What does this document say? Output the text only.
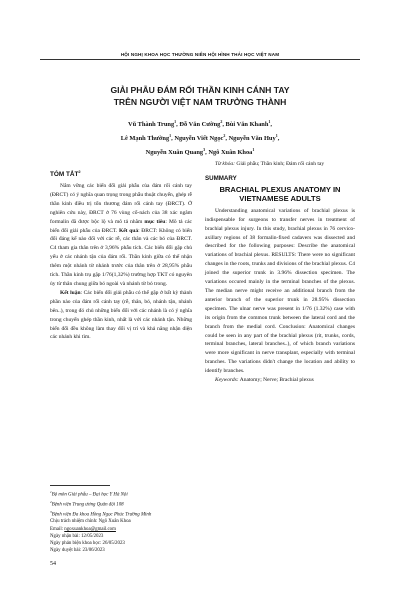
HỘI NGHỊ KHOA HỌC THƯỜNG NIÊN HỘI HÌNH THÁI HỌC VIỆT NAM
GIẢI PHẪU ĐÁM RỐI THẦN KINH CÁNH TAY
TRÊN NGƯỜI VIỆT NAM TRƯỞNG THÀNH
Vũ Thành Trung$^1$, Đỗ Văn Cường$^2$, Bùi Văn Khanh$^1$,
Lê Mạnh Thường$^1$, Nguyễn Viết Ngọc$^2$, Nguyễn Văn Huy$^1$,
Nguyễn Xuân Quang$^3$, Ngô Xuân Khoa$^1$
TÓM TẮT$^2$
Nắm vững các biến đổi giải phẫu của đám rối cánh tay (ĐRCT) có ý nghĩa quan trọng trong phẫu thuật chuyển, ghép rễ thần kinh điều trị tổn thương đám rối cánh tay (ĐRCT). Ở nghiên cứu này, ĐRCT ở 76 vùng cổ-nách của 38 xác ngâm formalin đã được bộc lộ và mô tả nhằm mục tiêu: Mô tả các biến đổi giải phẫu của ĐRCT. Kết quả: ĐRCT: Không có biến đổi đáng kể nào đối với các rễ, các thân và các bó của ĐRCT. C4 tham gia thân trên ở 3,96% phẫu tích. Các biến đổi gặp chủ yếu ở các nhánh tận của đám rối. Thần kinh giữa có thể nhận thêm một nhánh từ nhánh trước của thân trên ở 28,95% phẫu tích. Thần kinh trụ gặp 1/76(1,32%) trường hợp TKT có nguyên ủy từ thân chung giữa bó ngoài và nhánh từ bó trong.
Kết luận: Các biến đổi giải phẫu có thể gặp ở bất kỳ thành phần nào của đám rối cánh tay (rễ, thân, bó, nhánh tận, nhánh bên..), trong đó chủ những biến đổi với các nhánh là có ý nghĩa trong chuyển ghép thần kinh, nhất là với các nhánh tận. Những biến đổi đều không làm thay đổi vị trí và khả năng nhận diện các nhánh khi tìm.
$^1$Bộ môn Giải phẫu – Đại học Y Hà Nội
$^2$Bệnh viện Trung ương Quân đội 108
$^3$Bệnh viện Đa khoa Hồng Ngọc Phúc Trường Minh
Chịu trách nhiệm chính: Ngô Xuân Khoa
Email: ngoxuankhoa@gmail.com
Ngày nhận bài: 12/05/2023
Ngày phản biện khoa học: 26/05/2023
Ngày duyệt bài: 23/06/2023
Từ khóa: Giải phẫu; Thần kinh; Đám rối cánh tay
SUMMARY
BRACHIAL PLEXUS ANATOMY IN
VIETNAMESE ADULTS
Understanding anatomical variations of brachial plexus is indispensable for surgeons to transfer nerves in treatment of brachial plexus injury. In this study, brachial plexus in 76 cervico-axillary regions of 38 formalin-fixed cadavers was dissected and described for the following purposes: Describe the anatomical variations of brachial plexus. RESULTS: There were no significant changes in the roots, trunks and divisions of the brachial plexus. C4 joined the superior trunk in 3.96% dissection specimen. The variations occured mainly in the terminal branches of the plexus. The median nerve might receive an additional branch from the anterior branch of the superior trunk in 28.95% dissection specimen. The ulnar nerve was present in 1/76 (1.32%) case with its origin from the common trunk between the lateral cord and the branch from the medial cord. Conclusion: Anatomical changes could be seen in any part of the brachial plexus (rit, trunks, cords, terminal branches, lateral branches..), of which branch variations were more significant in nerve transplant, especially with terminal branches. The variations didn't change the location and ability to identify branches.
Keywords: Anatomy; Nerve; Brachial plexus
54
